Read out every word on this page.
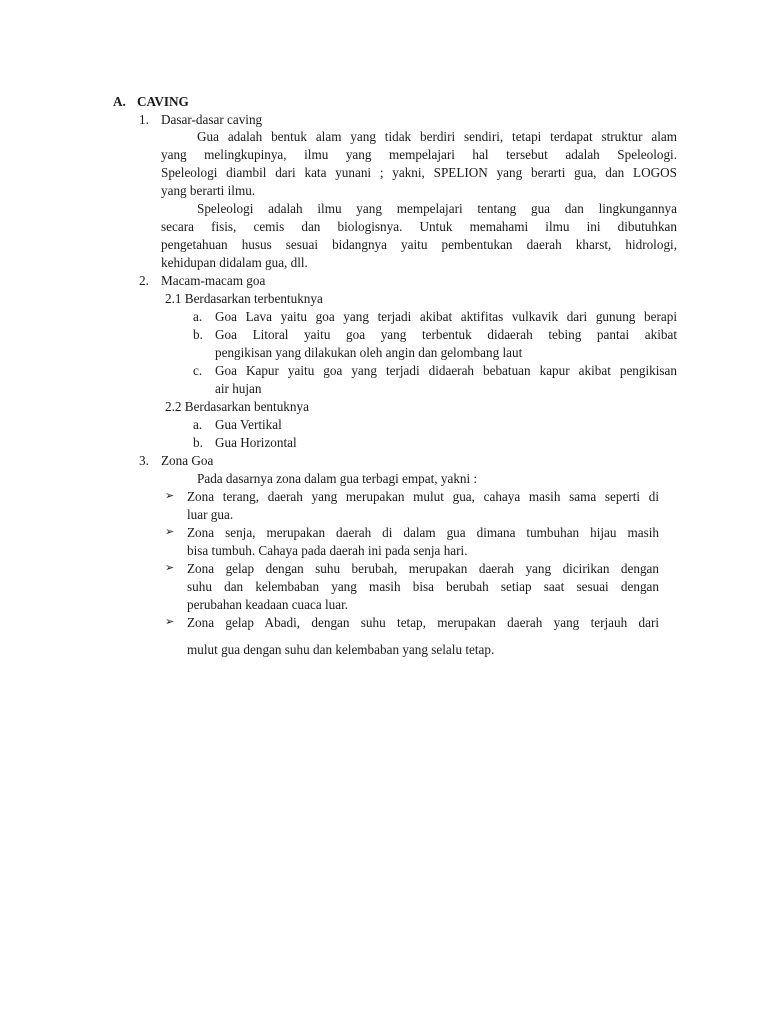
A. CAVING
1. Dasar-dasar caving
Gua adalah bentuk alam yang tidak berdiri sendiri, tetapi terdapat struktur alam
yang melingkupinya, ilmu yang mempelajari hal tersebut adalah Speleologi.
Speleologi diambil dari kata yunani ; yakni, SPELION yang berarti gua, dan LOGOS
yang berarti ilmu.
Speleologi adalah ilmu yang mempelajari tentang gua dan lingkungannya
secara fisis, cemis dan biologisnya. Untuk memahami ilmu ini dibutuhkan
pengetahuan husus sesuai bidangnya yaitu pembentukan daerah kharst, hidrologi,
kehidupan didalam gua, dll.
2. Macam-macam goa
2.1 Berdasarkan terbentuknya
a. Goa Lava yaitu goa yang terjadi akibat aktifitas vulkavik dari gunung berapi
b. Goa Litoral yaitu goa yang terbentuk didaerah tebing pantai akibat
pengikisan yang dilakukan oleh angin dan gelombang laut
c. Goa Kapur yaitu goa yang terjadi didaerah bebatuan kapur akibat pengikisan
air hujan
2.2 Berdasarkan bentuknya
a. Gua Vertikal
b. Gua Horizontal
3. Zona Goa
Pada dasarnya zona dalam gua terbagi empat, yakni :
➢ Zona terang, daerah yang merupakan mulut gua, cahaya masih sama seperti di
luar gua.
➢ Zona senja, merupakan daerah di dalam gua dimana tumbuhan hijau masih
bisa tumbuh. Cahaya pada daerah ini pada senja hari.
➢ Zona gelap dengan suhu berubah, merupakan daerah yang dicirikan dengan
suhu dan kelembaban yang masih bisa berubah setiap saat sesuai dengan
perubahan keadaan cuaca luar.
➢ Zona gelap Abadi, dengan suhu tetap, merupakan daerah yang terjauh dari
mulut gua dengan suhu dan kelembaban yang selalu tetap.
